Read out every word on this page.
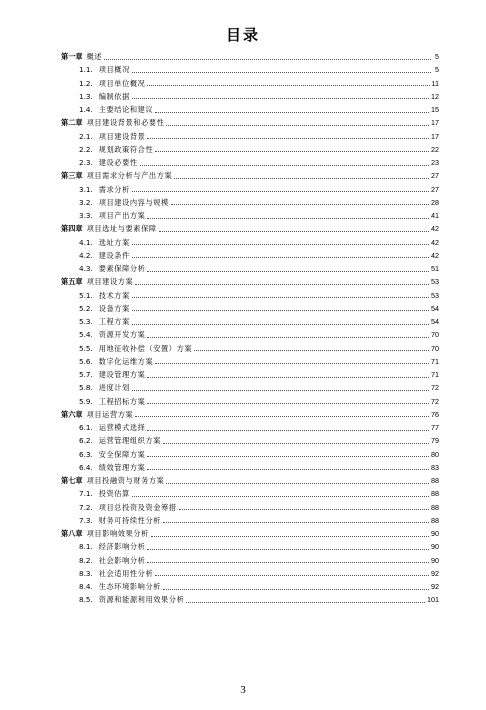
目录
第一章 概述	5
1.1. 项目概况	5
1.2. 项目单位概况	11
1.3. 编制依据	12
1.4. 主要结论和建议	15
第二章 项目建设背景和必要性	17
2.1. 项目建设背景	17
2.2. 规划政策符合性	22
2.3. 建设必要性	23
第三章 项目需求分析与产出方案	27
3.1. 需求分析	27
3.2. 项目建设内容与规模	28
3.3. 项目产出方案	41
第四章 项目选址与要素保障	42
4.1. 选址方案	42
4.2. 建设条件	42
4.3. 要素保障分析	51
第五章 项目建设方案	53
5.1. 技术方案	53
5.2. 设备方案	54
5.3. 工程方案	54
5.4. 资源开发方案	70
5.5. 用地征收补偿（安置）方案	70
5.6. 数字化运维方案	71
5.7. 建设管理方案	71
5.8. 进度计划	72
5.9. 工程招标方案	72
第六章 项目运营方案	76
6.1. 运营模式选择	77
6.2. 运营管理组织方案	79
6.3. 安全保障方案	80
6.4. 绩效管理方案	83
第七章 项目投融资与财务方案	88
7.1. 投资估算	88
7.2. 项目总投资及资金筹措	88
7.3. 财务可持续性分析	88
第八章 项目影响效果分析	90
8.1. 经济影响分析	90
8.2. 社会影响分析	90
8.3. 社会适用性分析	92
8.4. 生态环境影响分析	92
8.5. 资源和能源利用效果分析	101
3
